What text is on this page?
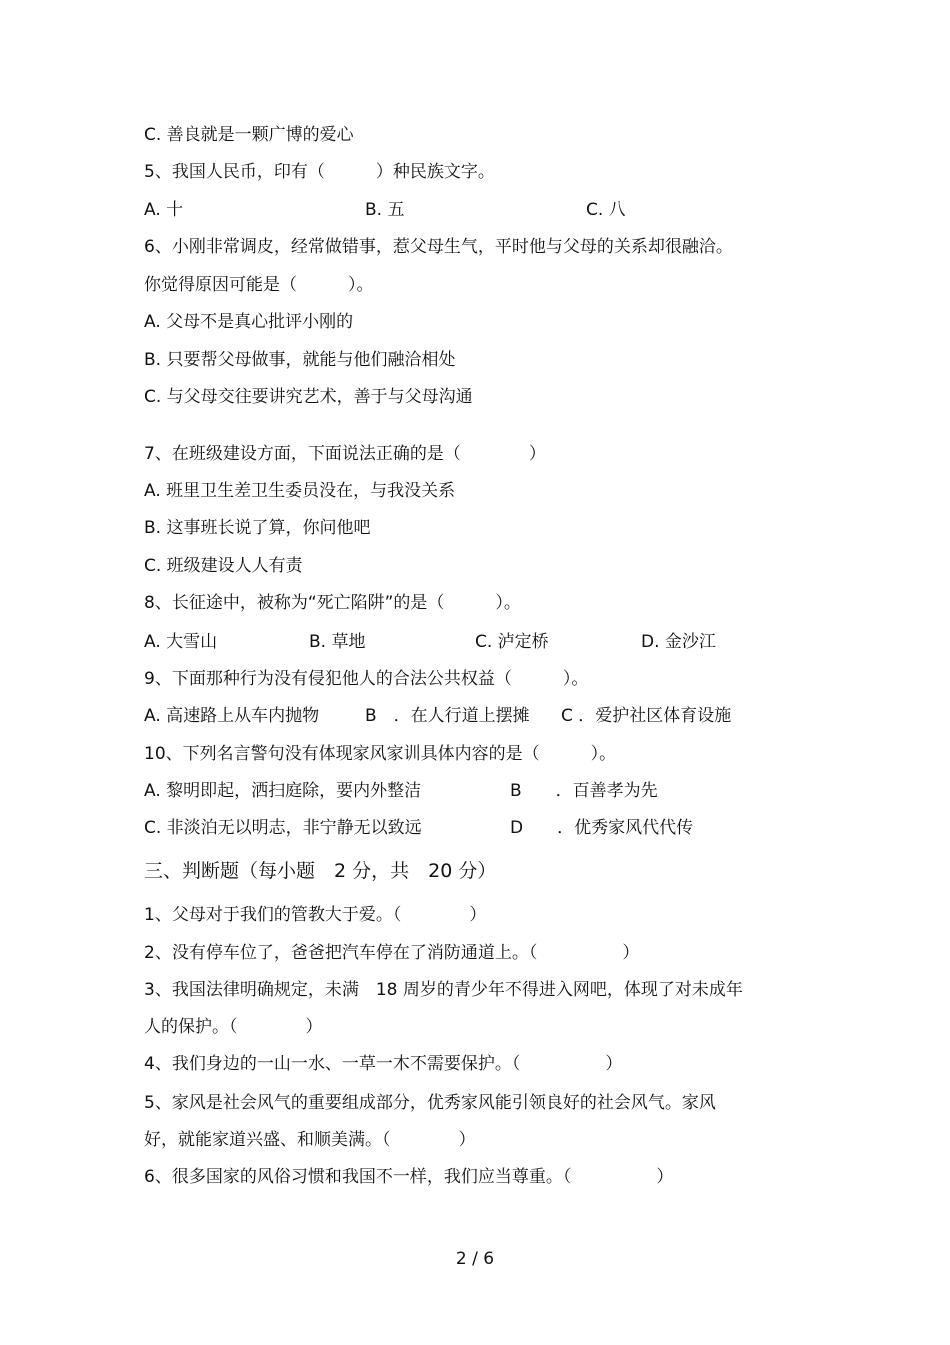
C. 善良就是一颗广博的爱心
5、我国人民币，印有（　　　）种民族文字。
A. 十	B. 五	C. 八
6、小刚非常调皮，经常做错事，惹父母生气，平时他与父母的关系却很融洽。
你觉得原因可能是（　　　）。
A. 父母不是真心批评小刚的
B. 只要帮父母做事，就能与他们融洽相处
C. 与父母交往要讲究艺术，善于与父母沟通
7、在班级建设方面，下面说法正确的是（　　　　）
A. 班里卫生差卫生委员没在，与我没关系
B. 这事班长说了算，你问他吧
C. 班级建设人人有责
8、长征途中，被称为“死亡陷阱”的是（　　　）。
A. 大雪山	B. 草地	C. 泸定桥	D. 金沙江
9、下面那种行为没有侵犯他人的合法公共权益（　　　）。
A. 高速路上从车内抛物	B　．在人行道上摆摊 C ．爱护社区体育设施
10、下列名言警句没有体现家风家训具体内容的是（　　　）。
A. 黎明即起，洒扫庭除，要内外整洁	B　　．百善孝为先
C. 非淡泊无以明志，非宁静无以致远	D　　．优秀家风代代传
三、判断题（每小题　2 分，共　20 分）
1、父母对于我们的管教大于爱。（　　　　）
2、没有停车位了，爸爸把汽车停在了消防通道上。（　　　　　）
3、我国法律明确规定，未满　18 周岁的青少年不得进入网吧，体现了对未成年
人的保护。（　　　　）
4、我们身边的一山一水、一草一木不需要保护。（　　　　　）
5、家风是社会风气的重要组成部分，优秀家风能引领良好的社会风气。家风
好，就能家道兴盛、和顺美满。（　　　　）
6、很多国家的风俗习惯和我国不一样，我们应当尊重。（　　　　　）
2 / 6
